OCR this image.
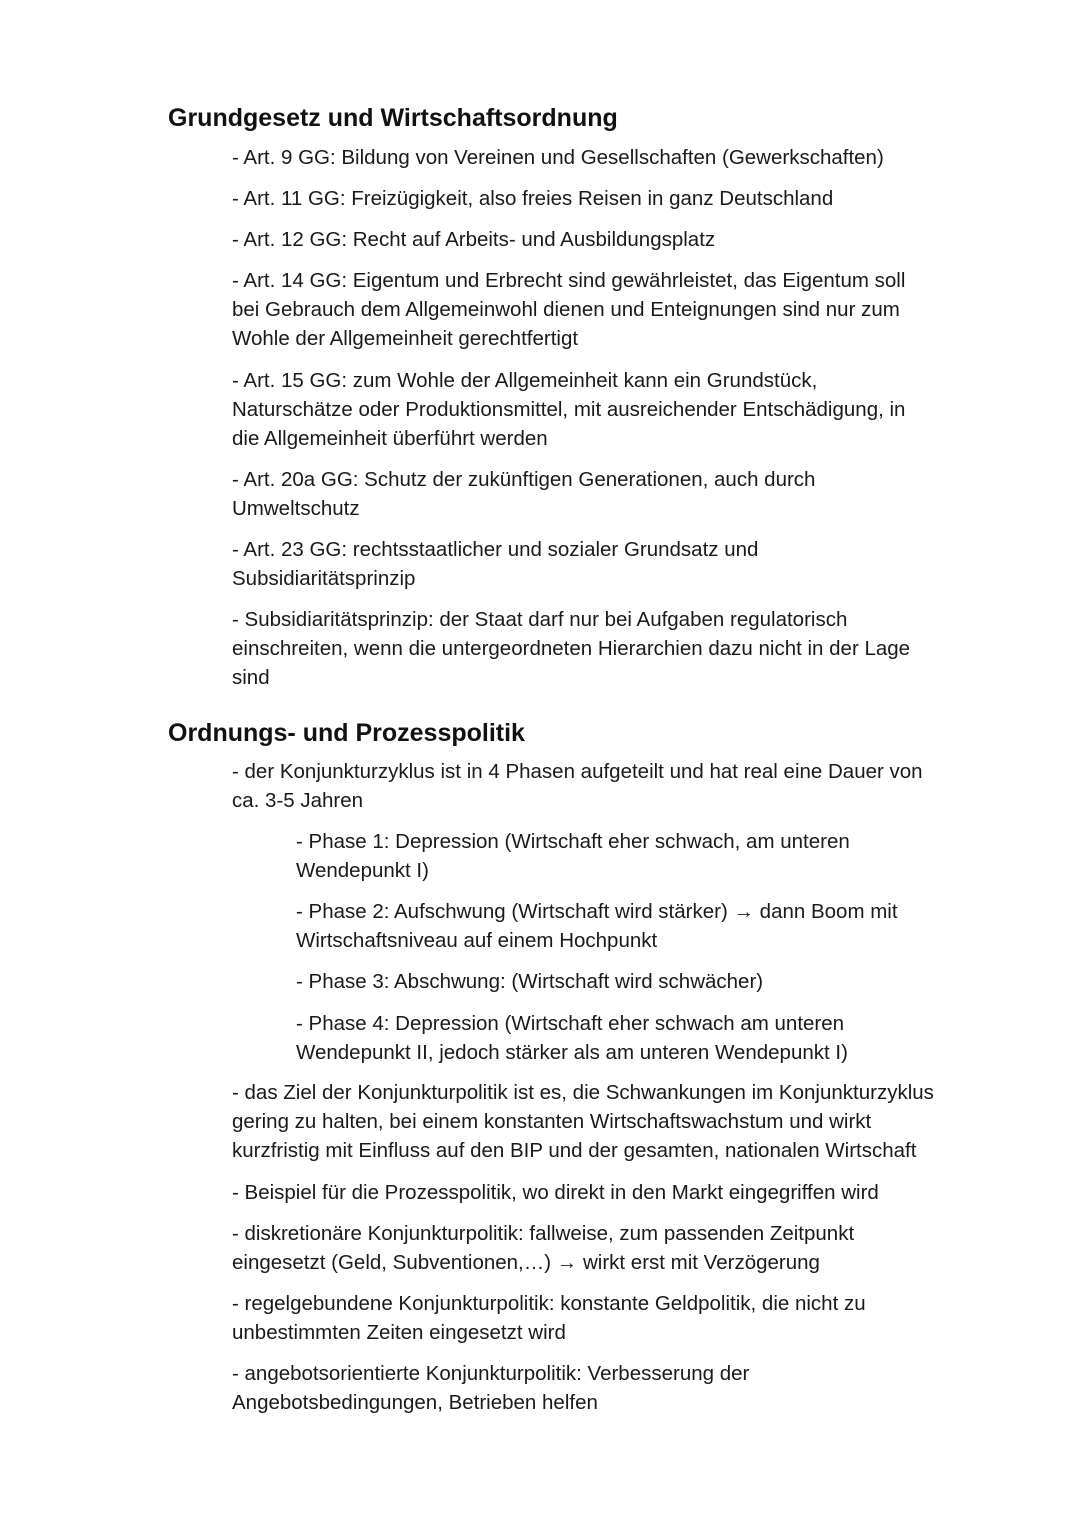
Grundgesetz und Wirtschaftsordnung
- Art. 9 GG: Bildung von Vereinen und Gesellschaften (Gewerkschaften)
- Art. 11 GG: Freizügigkeit, also freies Reisen in ganz Deutschland
- Art. 12 GG: Recht auf Arbeits- und Ausbildungsplatz
- Art. 14 GG: Eigentum und Erbrecht sind gewährleistet, das Eigentum soll
bei Gebrauch dem Allgemeinwohl dienen und Enteignungen sind nur zum
Wohle der Allgemeinheit gerechtfertigt
- Art. 15 GG: zum Wohle der Allgemeinheit kann ein Grundstück,
Naturschätze oder Produktionsmittel, mit ausreichender Entschädigung, in
die Allgemeinheit überführt werden
- Art. 20a GG: Schutz der zukünftigen Generationen, auch durch
Umweltschutz
- Art. 23 GG: rechtsstaatlicher und sozialer Grundsatz und
Subsidiaritätsprinzip
- Subsidiaritätsprinzip: der Staat darf nur bei Aufgaben regulatorisch
einschreiten, wenn die untergeordneten Hierarchien dazu nicht in der Lage
sind
Ordnungs- und Prozesspolitik
- der Konjunkturzyklus ist in 4 Phasen aufgeteilt und hat real eine Dauer von
ca. 3-5 Jahren
- Phase 1: Depression (Wirtschaft eher schwach, am unteren
Wendepunkt I)
- Phase 2: Aufschwung (Wirtschaft wird stärker) → dann Boom mit
Wirtschaftsniveau auf einem Hochpunkt
- Phase 3: Abschwung: (Wirtschaft wird schwächer)
- Phase 4: Depression (Wirtschaft eher schwach am unteren
Wendepunkt II, jedoch stärker als am unteren Wendepunkt I)
- das Ziel der Konjunkturpolitik ist es, die Schwankungen im Konjunkturzyklus
gering zu halten, bei einem konstanten Wirtschaftswachstum und wirkt
kurzfristig mit Einfluss auf den BIP und der gesamten, nationalen Wirtschaft
- Beispiel für die Prozesspolitik, wo direkt in den Markt eingegriffen wird
- diskretionäre Konjunkturpolitik: fallweise, zum passenden Zeitpunkt
eingesetzt (Geld, Subventionen,…) → wirkt erst mit Verzögerung
- regelgebundene Konjunkturpolitik: konstante Geldpolitik, die nicht zu
unbestimmten Zeiten eingesetzt wird
- angebotsorientierte Konjunkturpolitik: Verbesserung der
Angebotsbedingungen, Betrieben helfen
